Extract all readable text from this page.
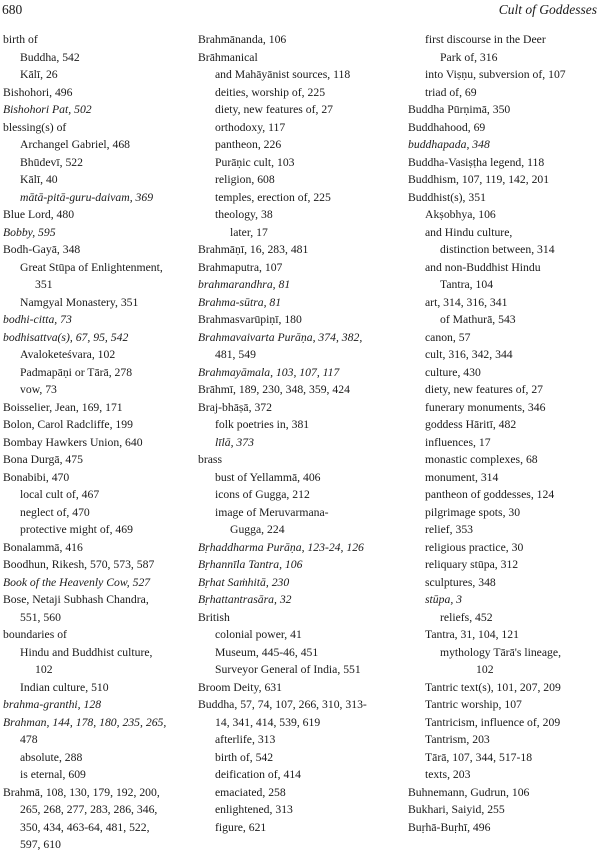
680	Cult of Goddesses
birth of
Buddha, 542
Kālī, 26
Bishohori, 496
Bishohori Pat, 502
blessing(s) of
Archangel Gabriel, 468
Bhūdevī, 522
Kālī, 40
mātā-pitā-guru-daivam, 369
Blue Lord, 480
Bobby, 595
Bodh-Gayā, 348
Great Stūpa of Enlightenment,
351
Namgyal Monastery, 351
bodhi-citta, 73
bodhisattva(s), 67, 95, 542
Avaloketeśvara, 102
Padmapāṇi or Tārā, 278
vow, 73
Boisselier, Jean, 169, 171
Bolon, Carol Radcliffe, 199
Bombay Hawkers Union, 640
Bona Durgā, 475
Bonabibi, 470
local cult of, 467
neglect of, 470
protective might of, 469
Bonalammā, 416
Boodhun, Rikesh, 570, 573, 587
Book of the Heavenly Cow, 527
Bose, Netaji Subhash Chandra,
551, 560
boundaries of
Hindu and Buddhist culture,
102
Indian culture, 510
brahma-granthi, 128
Brahman, 144, 178, 180, 235, 265,
478
absolute, 288
is eternal, 609
Brahmā, 108, 130, 179, 192, 200,
265, 268, 277, 283, 286, 346,
350, 434, 463-64, 481, 522,
597, 610
Brahmānanda, 106
Brāhmanical
and Mahāyānist sources, 118
deities, worship of, 225
diety, new features of, 27
orthodoxy, 117
pantheon, 226
Purāṇic cult, 103
religion, 608
temples, erection of, 225
theology, 38
later, 17
Brahmāṇī, 16, 283, 481
Brahmaputra, 107
brahmarandhra, 81
Brahma-sūtra, 81
Brahmasvarūpiṇī, 180
Brahmavaivarta Purāṇa, 374, 382,
481, 549
Brahmayāmala, 103, 107, 117
Brāhmī, 189, 230, 348, 359, 424
Braj-bhāṣā, 372
folk poetries in, 381
līlā, 373
brass
bust of Yellammā, 406
icons of Gugga, 212
image of Meruvarmana-
Gugga, 224
Bṛhaddharma Purāṇa, 123-24, 126
Bṛhannīla Tantra, 106
Bṛhat Saṁhitā, 230
Bṛhattantrasāra, 32
British
colonial power, 41
Museum, 445-46, 451
Surveyor General of India, 551
Broom Deity, 631
Buddha, 57, 74, 107, 266, 310, 313-
14, 341, 414, 539, 619
afterlife, 313
birth of, 542
deification of, 414
emaciated, 258
enlightened, 313
figure, 621
first discourse in the Deer
Park of, 316
into Viṣṇu, subversion of, 107
triad of, 69
Buddha Pūrṇimā, 350
Buddhahood, 69
buddhapada, 348
Buddha-Vasiṣṭha legend, 118
Buddhism, 107, 119, 142, 201
Buddhist(s), 351
Akṣobhya, 106
and Hindu culture,
distinction between, 314
and non-Buddhist Hindu
Tantra, 104
art, 314, 316, 341
of Mathurā, 543
canon, 57
cult, 316, 342, 344
culture, 430
diety, new features of, 27
funerary monuments, 346
goddess Hāritī, 482
influences, 17
monastic complexes, 68
monument, 314
pantheon of goddesses, 124
pilgrimage spots, 30
relief, 353
religious practice, 30
reliquary stūpa, 312
sculptures, 348
stūpa, 3
reliefs, 452
Tantra, 31, 104, 121
mythology Tārā's lineage,
102
Tantric text(s), 101, 207, 209
Tantric worship, 107
Tantricism, influence of, 209
Tantrism, 203
Tārā, 107, 344, 517-18
texts, 203
Buhnemann, Gudrun, 106
Bukhari, Saiyid, 255
Buṛhā-Buṛhī, 496
